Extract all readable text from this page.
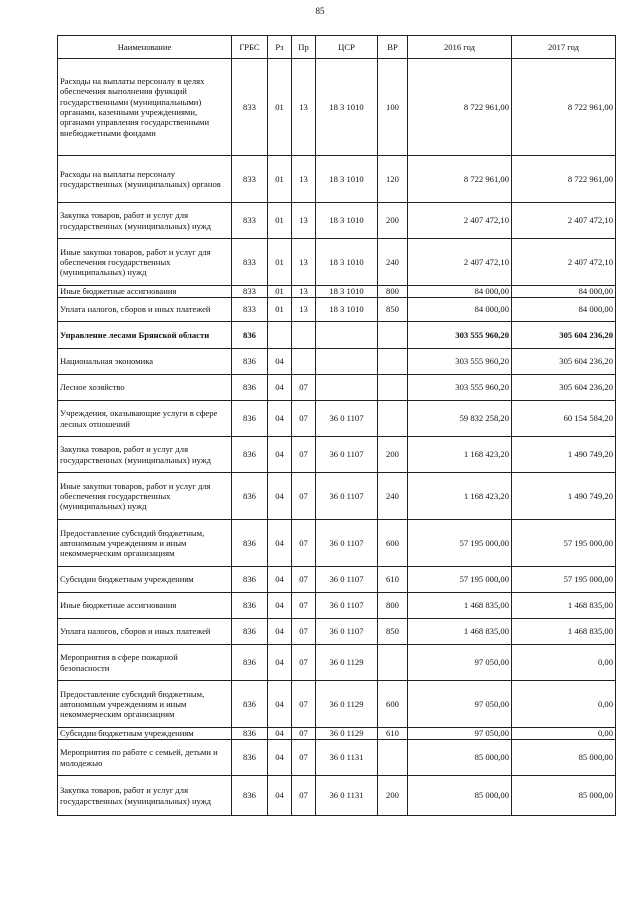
85
Наименование	ГРБС	Рз	Пр	ЦСР	ВР	2016 год	2017 год
Расходы на выплаты персоналу в целях обеспечения выполнения функций государственными (муниципальными) органами, казенными учреждениями, органами управления государственными внебюджетными фондами	833	01	13	18 3 1010	100	8 722 961,00	8 722 961,00
Расходы на выплаты персоналу государственных (муниципальных) органов	833	01	13	18 3 1010	120	8 722 961,00	8 722 961,00
Закупка товаров, работ и услуг для государственных (муниципальных) нужд	833	01	13	18 3 1010	200	2 407 472,10	2 407 472,10
Иные закупки товаров, работ и услуг для обеспечения государственных (муниципальных) нужд	833	01	13	18 3 1010	240	2 407 472,10	2 407 472,10
Иные бюджетные ассигнования	833	01	13	18 3 1010	800	84 000,00	84 000,00
Уплата налогов, сборов и иных платежей	833	01	13	18 3 1010	850	84 000,00	84 000,00
Управление лесами Брянской области	836					303 555 960,20	305 604 236,20
Национальная экономика	836	04				303 555 960,20	305 604 236,20
Лесное хозяйство	836	04	07			303 555 960,20	305 604 236,20
Учреждения, оказывающие услуги в сфере лесных отношений	836	04	07	36 0 1107		59 832 258,20	60 154 584,20
Закупка товаров, работ и услуг для государственных (муниципальных) нужд	836	04	07	36 0 1107	200	1 168 423,20	1 490 749,20
Иные закупки товаров, работ и услуг для обеспечения государственных (муниципальных) нужд	836	04	07	36 0 1107	240	1 168 423,20	1 490 749,20
Предоставление субсидий бюджетным, автономным учреждениям и иным некоммерческим организациям	836	04	07	36 0 1107	600	57 195 000,00	57 195 000,00
Субсидии бюджетным учреждениям	836	04	07	36 0 1107	610	57 195 000,00	57 195 000,00
Иные бюджетные ассигнования	836	04	07	36 0 1107	800	1 468 835,00	1 468 835,00
Уплата налогов, сборов и иных платежей	836	04	07	36 0 1107	850	1 468 835,00	1 468 835,00
Мероприятия в сфере пожарной безопасности	836	04	07	36 0 1129		97 050,00	0,00
Предоставление субсидий бюджетным, автономным учреждениям и иным некоммерческим организациям	836	04	07	36 0 1129	600	97 050,00	0,00
Субсидии бюджетным учреждениям	836	04	07	36 0 1129	610	97 050,00	0,00
Мероприятия по работе с семьей, детьми и молодежью	836	04	07	36 0 1131		85 000,00	85 000,00
Закупка товаров, работ и услуг для государственных (муниципальных) нужд	836	04	07	36 0 1131	200	85 000,00	85 000,00
